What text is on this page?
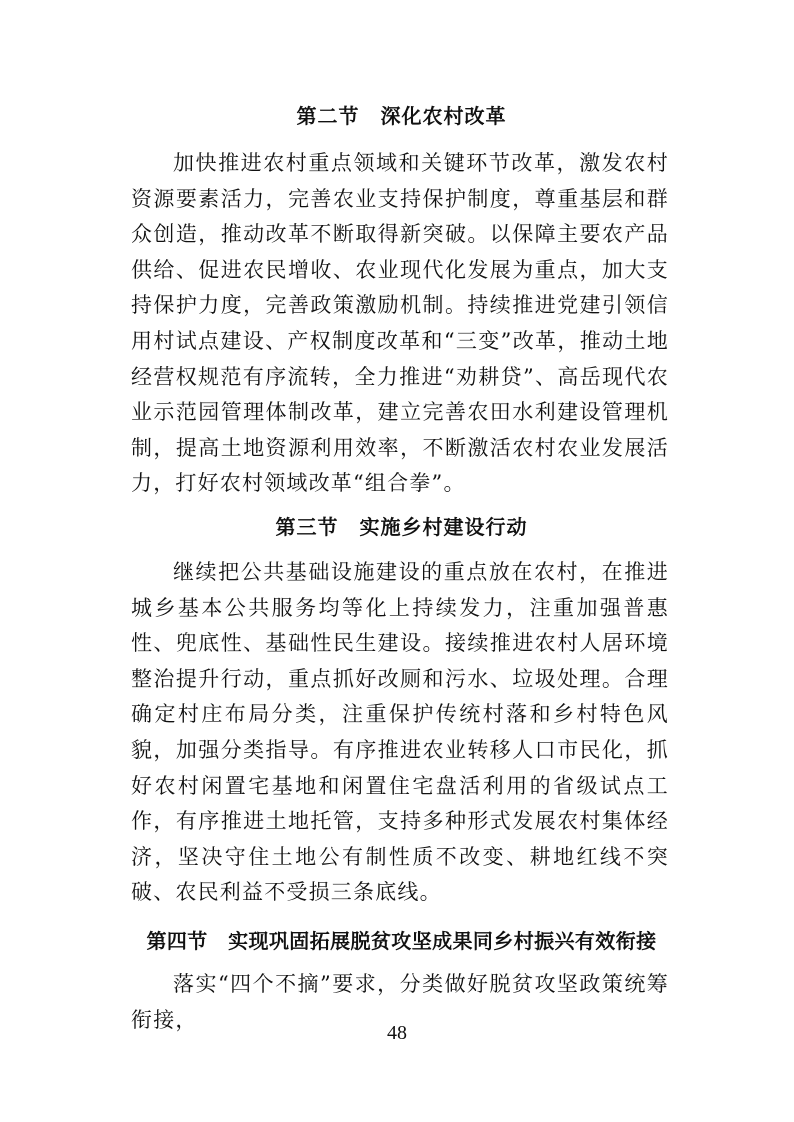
第二节　深化农村改革

加快推进农村重点领域和关键环节改革，激发农村资源要素活力，完善农业支持保护制度，尊重基层和群众创造，推动改革不断取得新突破。以保障主要农产品供给、促进农民增收、农业现代化发展为重点，加大支持保护力度，完善政策激励机制。持续推进党建引领信用村试点建设、产权制度改革和“三变”改革，推动土地经营权规范有序流转，全力推进“劝耕贷”、高岳现代农业示范园管理体制改革，建立完善农田水利建设管理机制，提高土地资源利用效率，不断激活农村农业发展活力，打好农村领域改革“组合拳”。

第三节　实施乡村建设行动

继续把公共基础设施建设的重点放在农村，在推进城乡基本公共服务均等化上持续发力，注重加强普惠性、兜底性、基础性民生建设。接续推进农村人居环境整治提升行动，重点抓好改厕和污水、垃圾处理。合理确定村庄布局分类，注重保护传统村落和乡村特色风貌，加强分类指导。有序推进农业转移人口市民化，抓好农村闲置宅基地和闲置住宅盘活利用的省级试点工作，有序推进土地托管，支持多种形式发展农村集体经济，坚决守住土地公有制性质不改变、耕地红线不突破、农民利益不受损三条底线。

第四节　实现巩固拓展脱贫攻坚成果同乡村振兴有效衔接

落实“四个不摘”要求，分类做好脱贫攻坚政策统筹衔接，

48
